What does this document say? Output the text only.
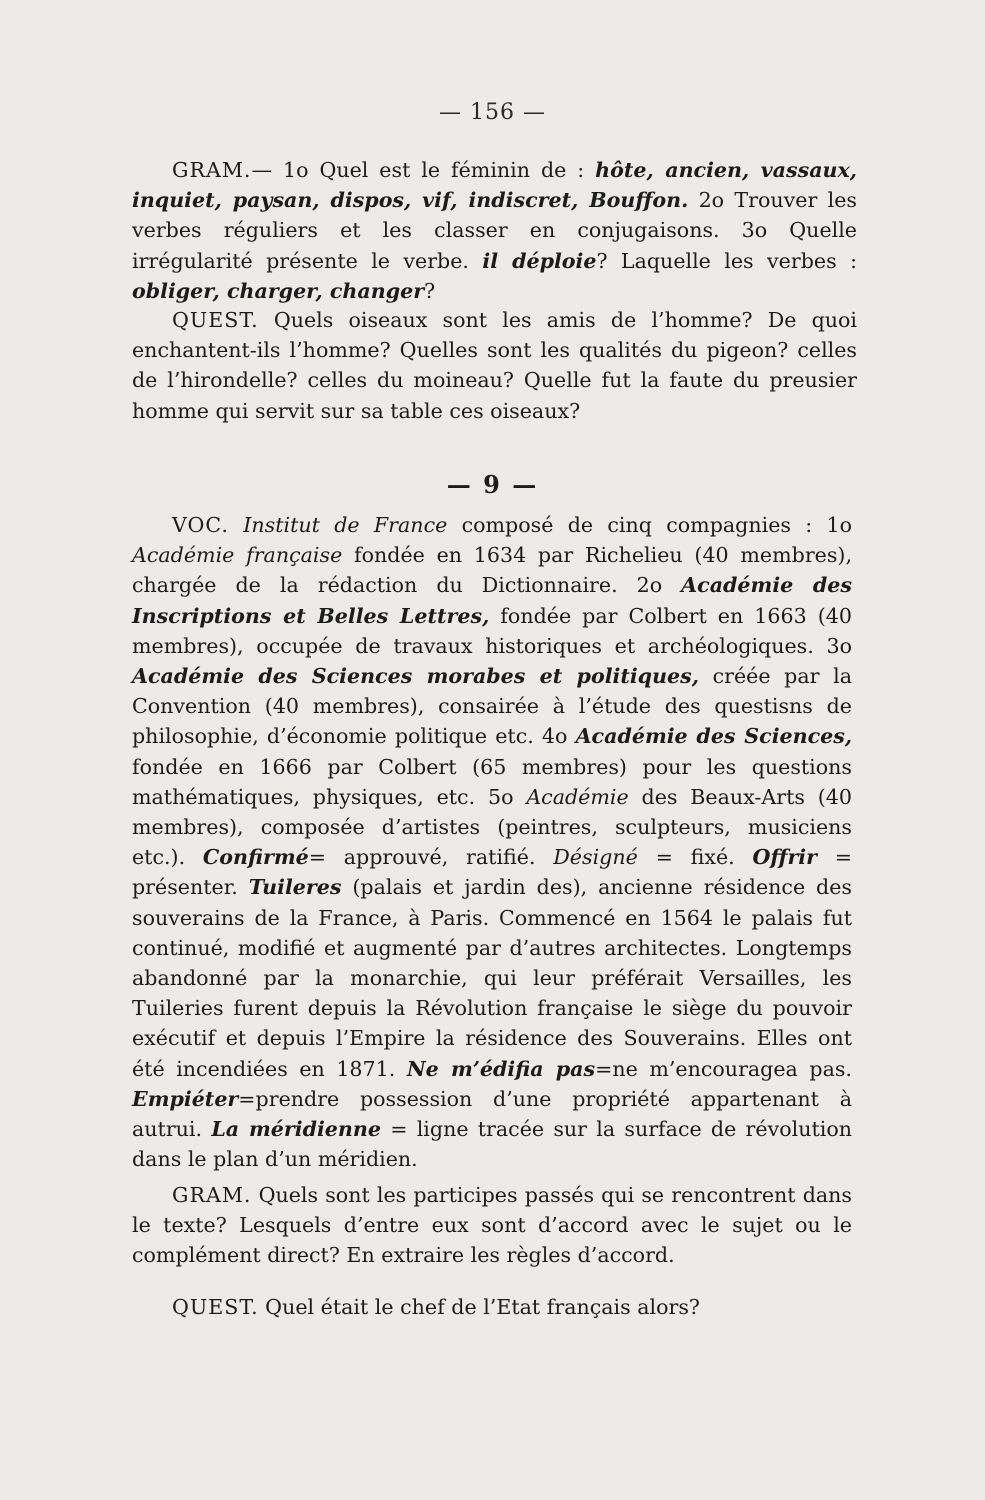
— 156 —

GRAM.— 1o Quel est le féminin de : hôte, ancien, vassaux, inquiet, paysan, dispos, vif, indiscret, Bouffon. 2o Trouver les verbes réguliers et les classer en conjugaisons. 3o Quelle irrégularité présente le verbe. il déploie? Laquelle les verbes : obliger, charger, changer?

QUEST. Quels oiseaux sont les amis de l’homme? De quoi enchantent-ils l’homme? Quelles sont les qualités du pigeon? celles de l’hirondelle? celles du moineau? Quelle fut la faute du preusier homme qui servit sur sa table ces oiseaux?

— 9 —

VOC. Institut de France composé de cinq compagnies : 1o Académie française fondée en 1634 par Richelieu (40 membres), chargée de la rédaction du Dictionnaire. 2o Académie des Inscriptions et Belles Lettres, fondée par Colbert en 1663 (40 membres), occupée de travaux historiques et archéologiques. 3o Académie des Sciences morabes et politiques, créée par la Convention (40 membres), consairée à l’étude des questisns de philosophie, d’économie politique etc. 4o Académie des Sciences, fondée en 1666 par Colbert (65 membres) pour les questions mathématiques, physiques, etc. 5o Académie des Beaux-Arts (40 membres), composée d’artistes (peintres, sculpteurs, musiciens etc.). Confirmé= approuvé, ratifié. Désigné = fixé. Offrir = présenter. Tuileres (palais et jardin des), ancienne résidence des souverains de la France, à Paris. Commencé en 1564 le palais fut continué, modifié et augmenté par d’autres architectes. Longtemps abandonné par la monarchie, qui leur préférait Versailles, les Tuileries furent depuis la Révolution française le siège du pouvoir exécutif et depuis l’Empire la résidence des Souverains. Elles ont été incendiées en 1871. Ne m’édifia pas=ne m’encouragea pas. Empiéter=prendre possession d’une propriété appartenant à autrui. La méridienne = ligne tracée sur la surface de révolution dans le plan d’un méridien.

GRAM. Quels sont les participes passés qui se rencontrent dans le texte? Lesquels d’entre eux sont d’accord avec le sujet ou le complément direct? En extraire les règles d’accord.

QUEST. Quel était le chef de l’Etat français alors?
